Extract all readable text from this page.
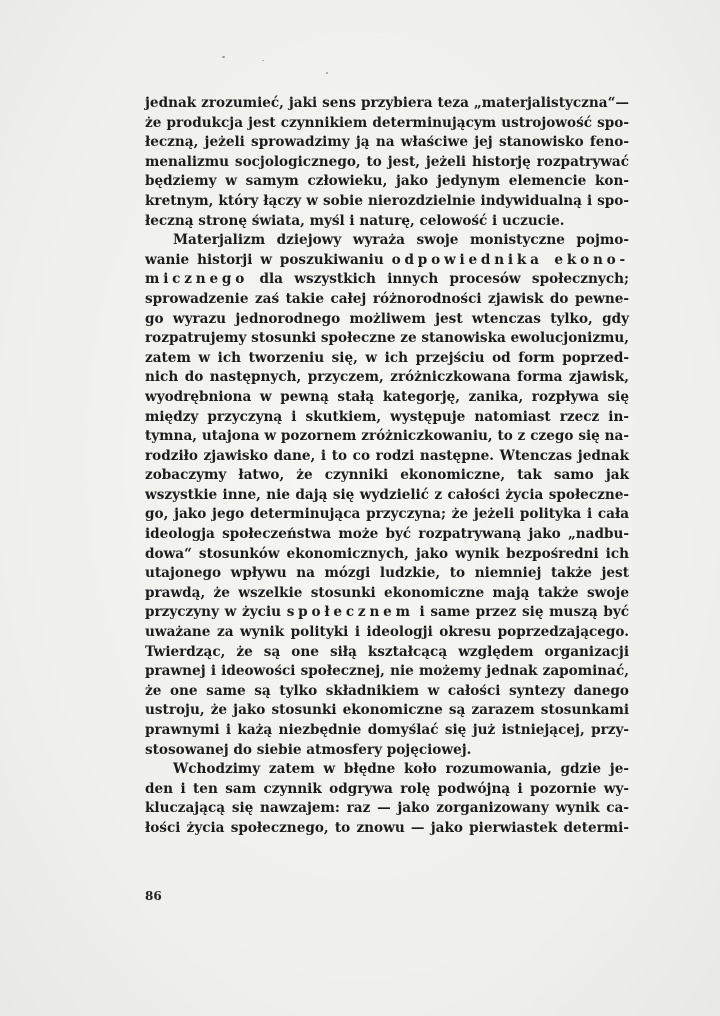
jednak zrozumieć, jaki sens przybiera teza „materjalistyczna“—
że produkcja jest czynnikiem determinującym ustrojowość spo-
łeczną, jeżeli sprowadzimy ją na właściwe jej stanowisko feno-
menalizmu socjologicznego, to jest, jeżeli historję rozpatrywać
będziemy w samym człowieku, jako jedynym elemencie kon-
kretnym, który łączy w sobie nierozdzielnie indywidualną i spo-
łeczną stronę świata, myśl i naturę, celowość i uczucie.
Materjalizm dziejowy wyraża swoje monistyczne pojmo-
wanie historji w poszukiwaniu odpowiednika ekono-
micznego dla wszystkich innych procesów społecznych;
sprowadzenie zaś takie całej różnorodności zjawisk do pewne-
go wyrazu jednorodnego możliwem jest wtenczas tylko, gdy
rozpatrujemy stosunki społeczne ze stanowiska ewolucjonizmu,
zatem w ich tworzeniu się, w ich przejściu od form poprzed-
nich do następnych, przyczem, zróżniczkowana forma zjawisk,
wyodrębniona w pewną stałą kategorję, zanika, rozpływa się
między przyczyną i skutkiem, występuje natomiast rzecz in-
tymna, utajona w pozornem zróżniczkowaniu, to z czego się na-
rodziło zjawisko dane, i to co rodzi następne. Wtenczas jednak
zobaczymy łatwo, że czynniki ekonomiczne, tak samo jak
wszystkie inne, nie dają się wydzielić z całości życia społeczne-
go, jako jego determinująca przyczyna; że jeżeli polityka i cała
ideologja społeczeństwa może być rozpatrywaną jako „nadbu-
dowa“ stosunków ekonomicznych, jako wynik bezpośredni ich
utajonego wpływu na mózgi ludzkie, to niemniej także jest
prawdą, że wszelkie stosunki ekonomiczne mają także swoje
przyczyny w życiu społecznem i same przez się muszą być
uważane za wynik polityki i ideologji okresu poprzedzającego.
Twierdząc, że są one siłą kształcącą względem organizacji
prawnej i ideowości społecznej, nie możemy jednak zapominać,
że one same są tylko składnikiem w całości syntezy danego
ustroju, że jako stosunki ekonomiczne są zarazem stosunkami
prawnymi i każą niezbędnie domyślać się już istniejącej, przy-
stosowanej do siebie atmosfery pojęciowej.
Wchodzimy zatem w błędne koło rozumowania, gdzie je-
den i ten sam czynnik odgrywa rolę podwójną i pozornie wy-
kluczającą się nawzajem: raz — jako zorganizowany wynik ca-
łości życia społecznego, to znowu — jako pierwiastek determi-
86
